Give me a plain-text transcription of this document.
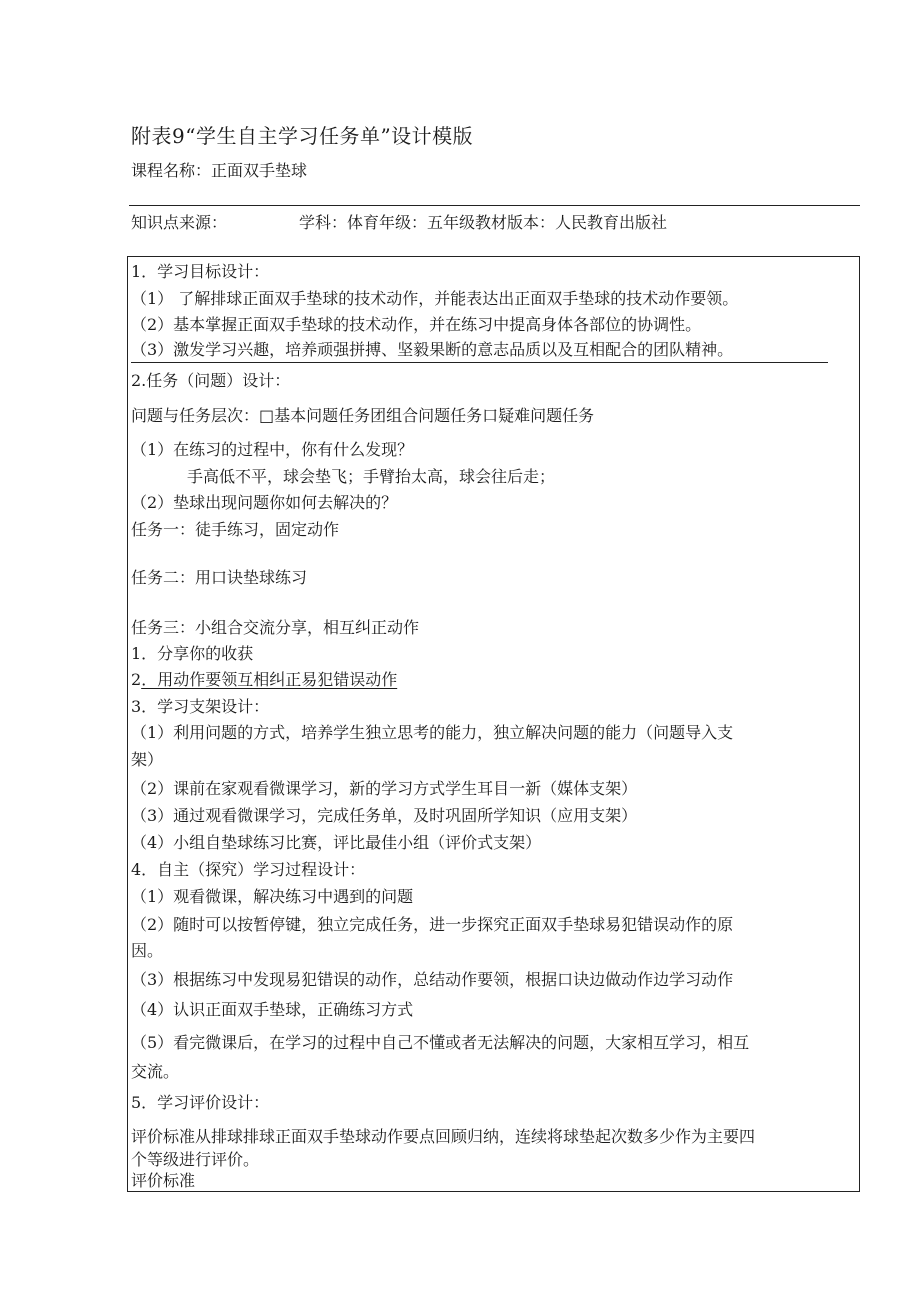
附表9“学生自主学习任务单”设计模版
课程名称：正面双手垫球
知识点来源：	学科：体育年级：五年级教材版本：人民教育出版社
1．学习目标设计：
（1） 了解排球正面双手垫球的技术动作，并能表达出正面双手垫球的技术动作要领。
（2）基本掌握正面双手垫球的技术动作，并在练习中提高身体各部位的协调性。
（3）激发学习兴趣，培养顽强拼搏、坚毅果断的意志品质以及互相配合的团队精神。
2.任务（问题）设计：
问题与任务层次：□基本问题任务团组合问题任务口疑难问题任务
（1）在练习的过程中，你有什么发现？
手高低不平，球会垫飞；手臂抬太高，球会往后走；
（2）垫球出现问题你如何去解决的？
任务一：徒手练习，固定动作
任务二：用口诀垫球练习
任务三：小组合交流分享，相互纠正动作
1．分享你的收获
2．用动作要领互相纠正易犯错误动作
3．学习支架设计：
（1）利用问题的方式，培养学生独立思考的能力，独立解决问题的能力（问题导入支
架）
（2）课前在家观看微课学习，新的学习方式学生耳目一新（媒体支架）
（3）通过观看微课学习，完成任务单，及时巩固所学知识（应用支架）
（4）小组自垫球练习比赛，评比最佳小组（评价式支架）
4．自主（探究）学习过程设计：
（1）观看微课，解决练习中遇到的问题
（2）随时可以按暂停键，独立完成任务，进一步探究正面双手垫球易犯错误动作的原
因。
（3）根据练习中发现易犯错误的动作，总结动作要领，根据口诀边做动作边学习动作
（4）认识正面双手垫球，正确练习方式
（5）看完微课后，在学习的过程中自己不懂或者无法解决的问题，大家相互学习，相互
交流。
5．学习评价设计：
评价标准从排球排球正面双手垫球动作要点回顾归纳，连续将球垫起次数多少作为主要四
个等级进行评价。
评价标准
